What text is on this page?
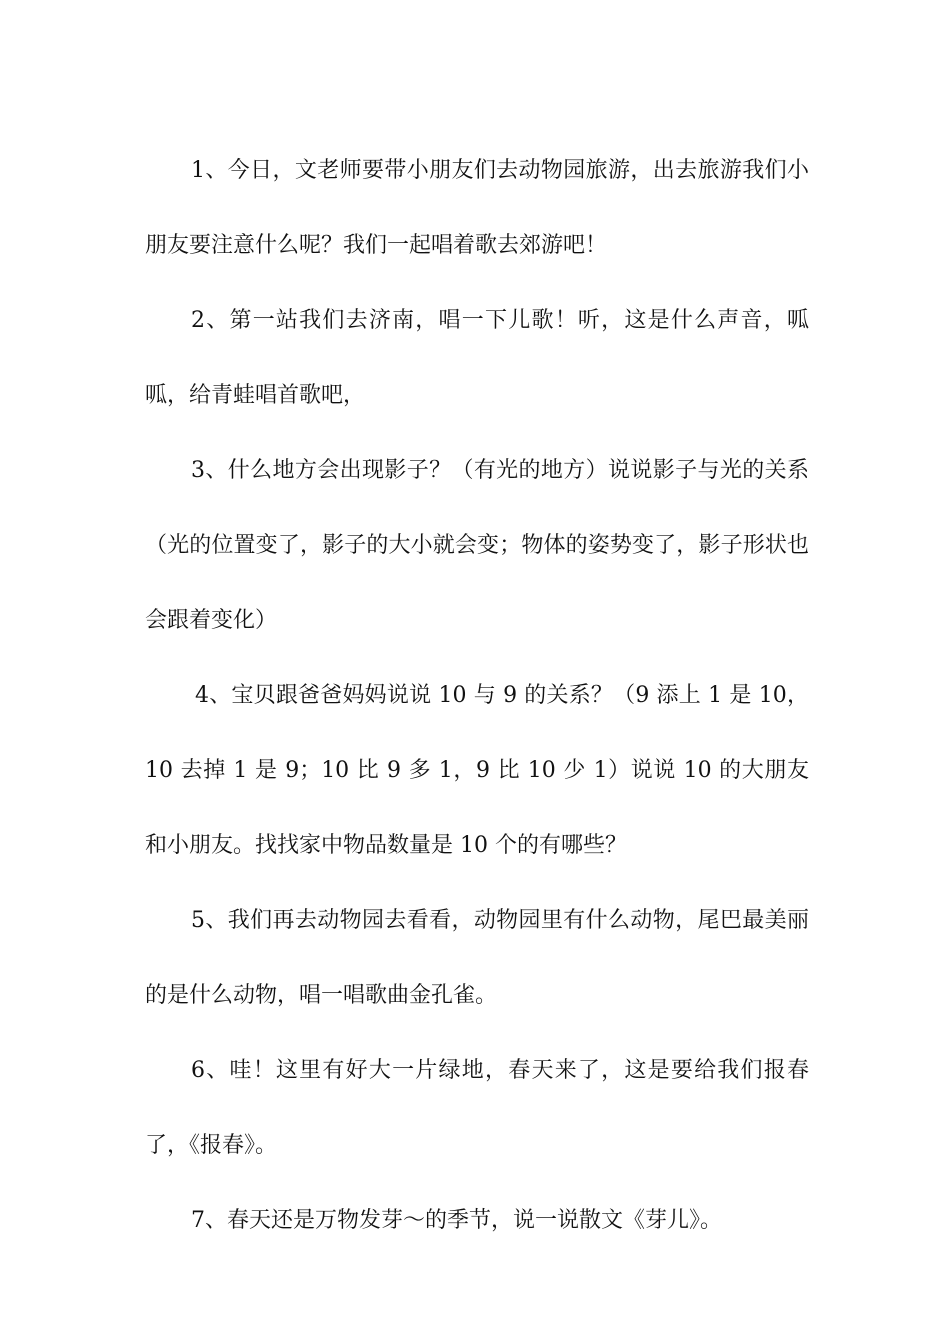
1、今日，文老师要带小朋友们去动物园旅游，出去旅游我们小朋友要注意什么呢？我们一起唱着歌去郊游吧！

2、第一站我们去济南，唱一下儿歌！听，这是什么声音，呱呱，给青蛙唱首歌吧，

3、什么地方会出现影子？（有光的地方）说说影子与光的关系（光的位置变了，影子的大小就会变；物体的姿势变了，影子形状也会跟着变化）

4、宝贝跟爸爸妈妈说说 10 与 9 的关系？（9 添上 1 是 10，10 去掉 1 是 9；10 比 9 多 1，9 比 10 少 1）说说 10 的大朋友和小朋友。找找家中物品数量是 10 个的有哪些？

5、我们再去动物园去看看，动物园里有什么动物，尾巴最美丽的是什么动物，唱一唱歌曲金孔雀。

6、哇！这里有好大一片绿地，春天来了，这是要给我们报春了，《报春》。

7、春天还是万物发芽～的季节，说一说散文《芽儿》。
